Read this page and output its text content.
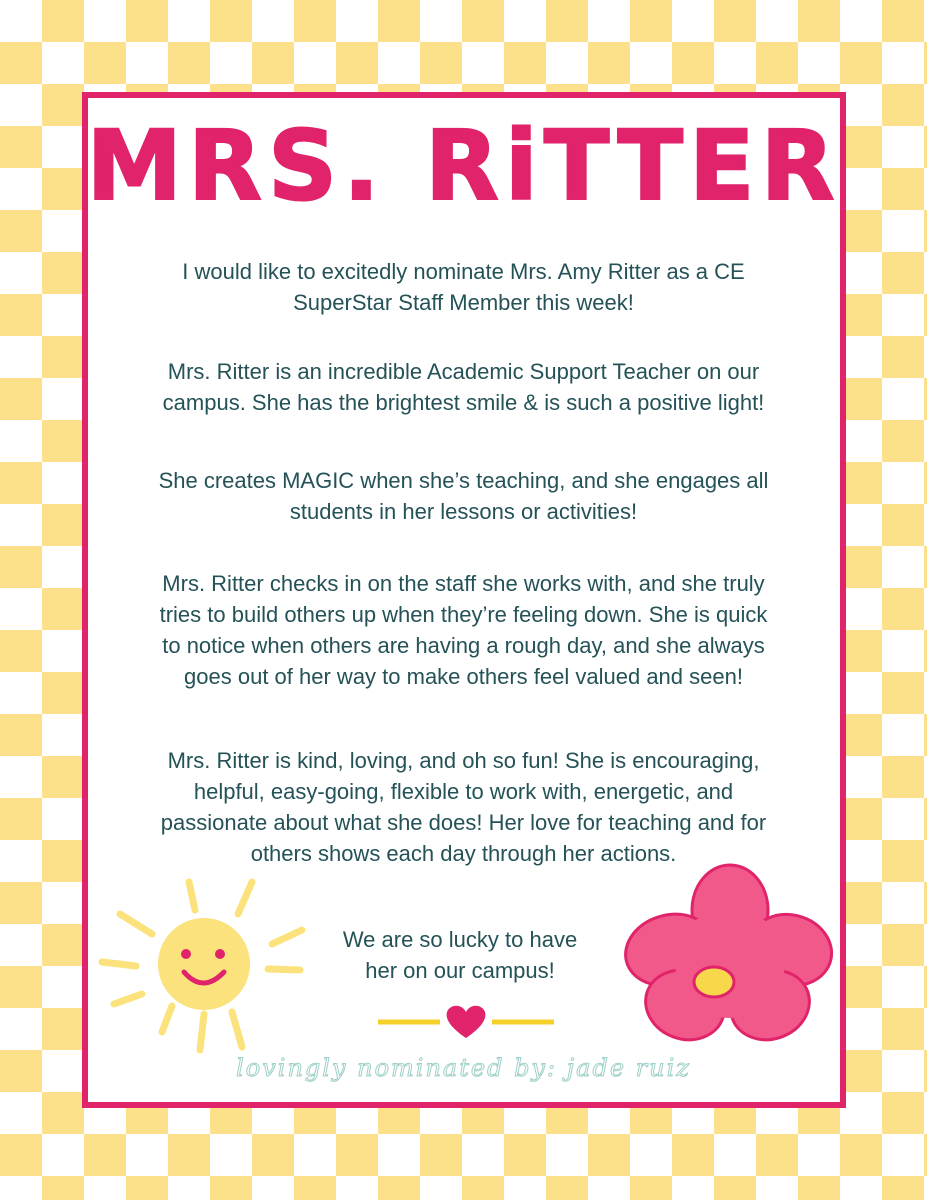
MRS. RiTTER
I would like to excitedly nominate Mrs. Amy Ritter as a CE
SuperStar Staff Member this week!
Mrs. Ritter is an incredible Academic Support Teacher on our
campus. She has the brightest smile & is such a positive light!
She creates MAGIC when she’s teaching, and she engages all
students in her lessons or activities!
Mrs. Ritter checks in on the staff she works with, and she truly
tries to build others up when they’re feeling down. She is quick
to notice when others are having a rough day, and she always
goes out of her way to make others feel valued and seen!
Mrs. Ritter is kind, loving, and oh so fun! She is encouraging,
helpful, easy-going, flexible to work with, energetic, and
passionate about what she does! Her love for teaching and for
others shows each day through her actions.
We are so lucky to have
her on our campus!
lovingly nominated by: jade ruiz
